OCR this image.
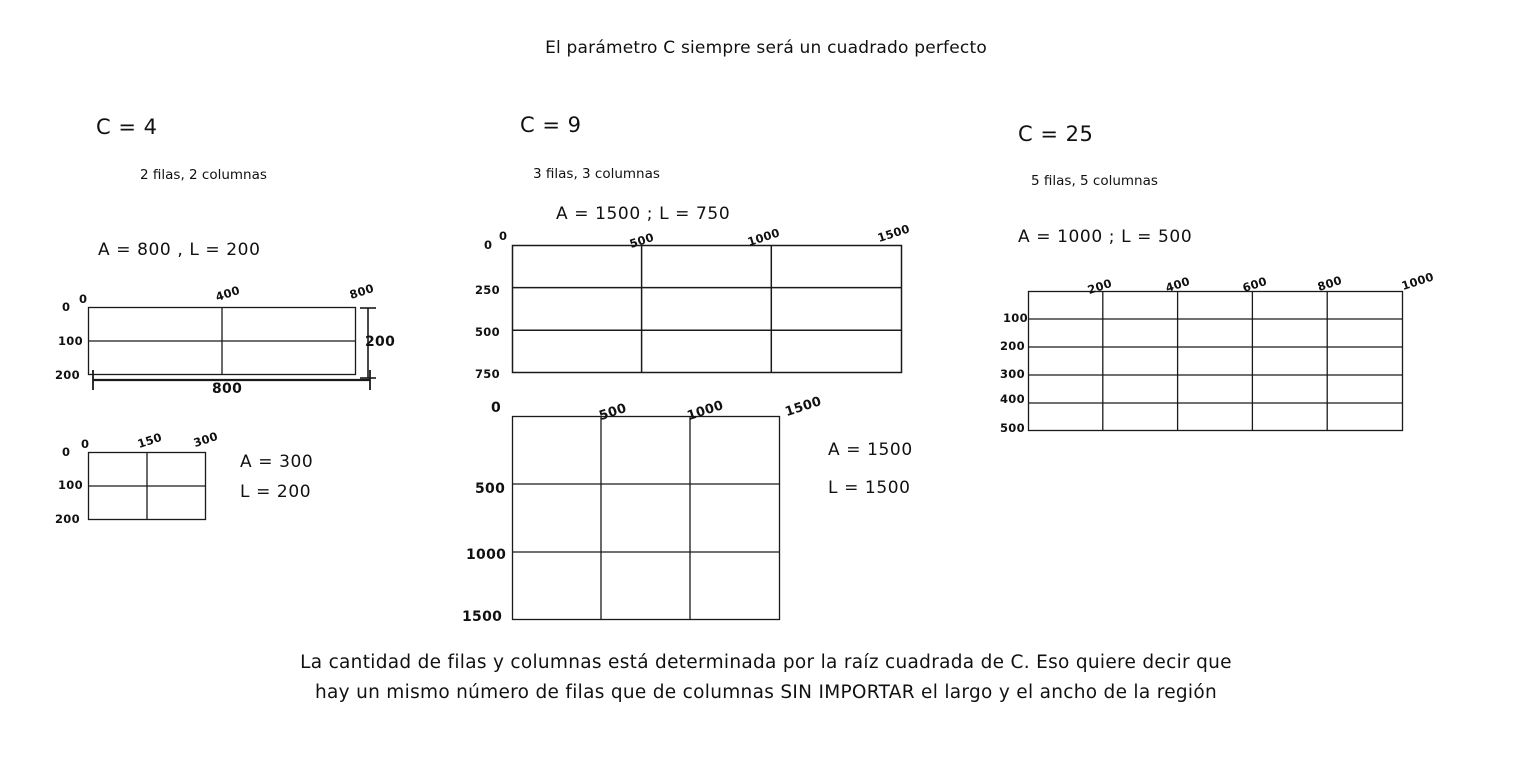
El parámetro C siempre será un cuadrado perfecto
C = 4
2 filas, 2 columnas
A = 800 , L = 200
0	400	800
0
100
200
200
800
0	150 300
0
100
200
A = 300
L = 200
C = 9
3 filas, 3 columnas
A = 1500 ; L = 750
0	500	1000	1500
0
250
500
750
0	500	1000	1500
500
1000
1500
A = 1500
L = 1500
C = 25
5 filas, 5 columnas
A = 1000 ; L = 500
200	400	600	800	1000
100
200
300
400
500
La cantidad de filas y columnas está determinada por la raíz cuadrada de C. Eso quiere decir que
hay un mismo número de filas que de columnas SIN IMPORTAR el largo y el ancho de la región
